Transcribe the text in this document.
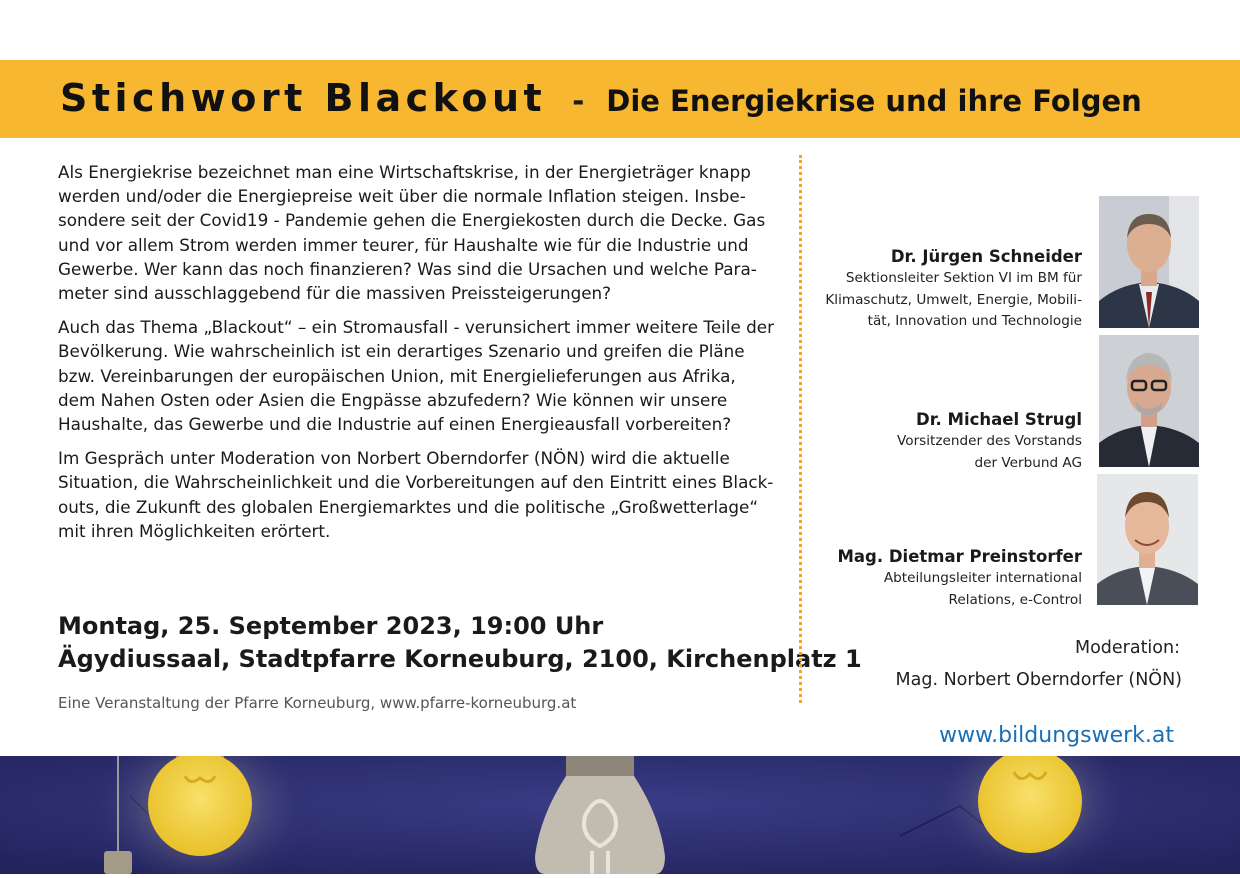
Stichwort Blackout - Die Energiekrise und ihre Folgen

Als Energiekrise bezeichnet man eine Wirtschaftskrise, in der Energieträger knapp
werden und/oder die Energiepreise weit über die normale Inflation steigen. Insbe-
sondere seit der Covid19 - Pandemie gehen die Energiekosten durch die Decke. Gas
und vor allem Strom werden immer teurer, für Haushalte wie für die Industrie und
Gewerbe. Wer kann das noch finanzieren? Was sind die Ursachen und welche Para-
meter sind ausschlaggebend für die massiven Preissteigerungen?

Auch das Thema „Blackout“ – ein Stromausfall - verunsichert immer weitere Teile der
Bevölkerung. Wie wahrscheinlich ist ein derartiges Szenario und greifen die Pläne
bzw. Vereinbarungen der europäischen Union, mit Energielieferungen aus Afrika,
dem Nahen Osten oder Asien die Engpässe abzufedern? Wie können wir unsere
Haushalte, das Gewerbe und die Industrie auf einen Energieausfall vorbereiten?

Im Gespräch unter Moderation von Norbert Oberndorfer (NÖN) wird die aktuelle
Situation, die Wahrscheinlichkeit und die Vorbereitungen auf den Eintritt eines Black-
outs, die Zukunft des globalen Energiemarktes und die politische „Großwetterlage“
mit ihren Möglichkeiten erörtert.

Montag, 25. September 2023, 19:00 Uhr
Ägydiussaal, Stadtpfarre Korneuburg, 2100, Kirchenplatz 1
Eine Veranstaltung der Pfarre Korneuburg, www.pfarre-korneuburg.at
Dr. Jürgen Schneider
Sektionsleiter Sektion VI im BM für
Klimaschutz, Umwelt, Energie, Mobili-
tät, Innovation und Technologie
Dr. Michael Strugl
Vorsitzender des Vorstands
der Verbund AG
Mag. Dietmar Preinstorfer
Abteilungsleiter international
Relations, e-Control
Moderation:
Mag. Norbert Oberndorfer (NÖN)
www.bildungswerk.at
